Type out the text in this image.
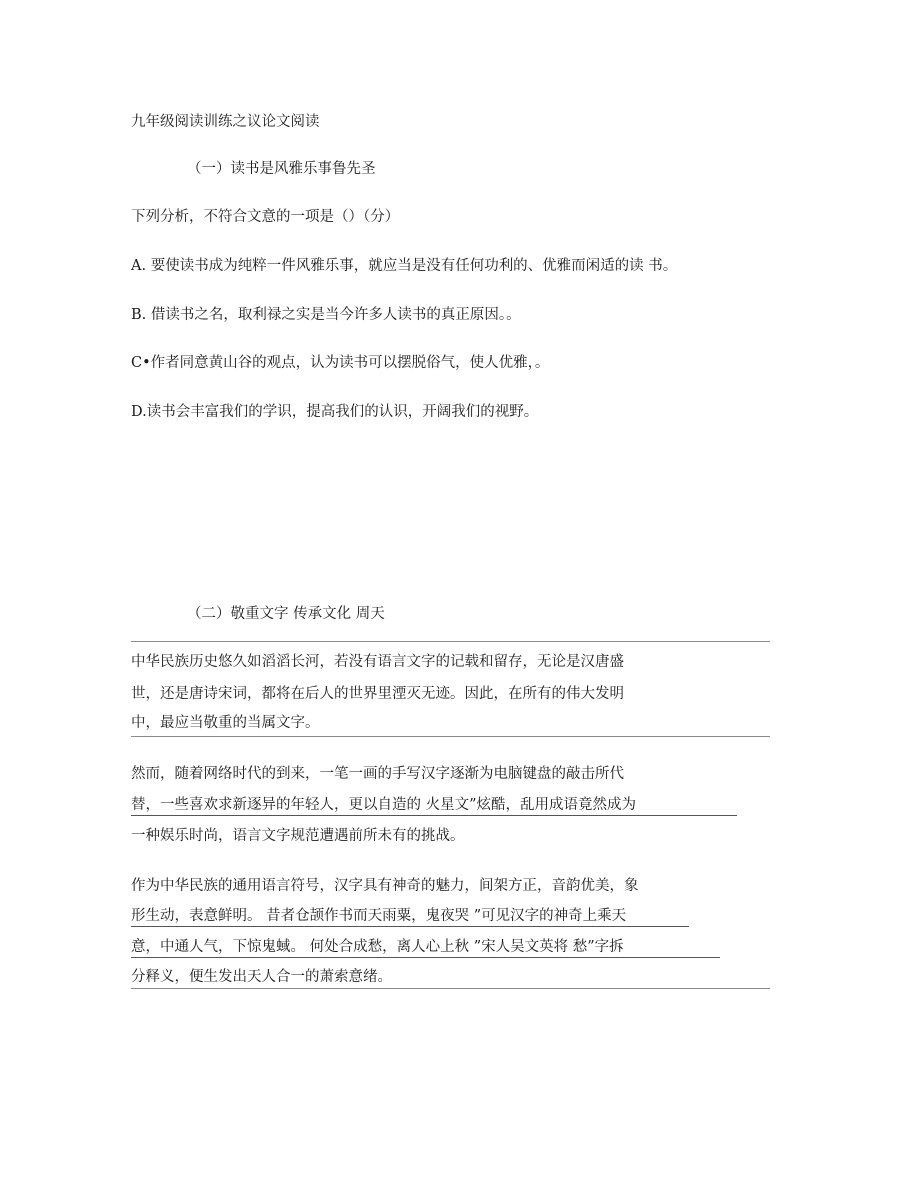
九年级阅读训练之议论文阅读
（一）读书是风雅乐事鲁先圣
下列分析，不符合文意的一项是（）（分）
A. 要使读书成为纯粹一件风雅乐事，就应当是没有任何功利的、优雅而闲适的读 书。
B. 借读书之名，取利禄之实是当今许多人读书的真正原因。。
C•作者同意黄山谷的观点，认为读书可以摆脱俗气，使人优雅，。
D.读书会丰富我们的学识，提高我们的认识，开阔我们的视野。
（二）敬重文字 传承文化 周天
中华民族历史悠久如滔滔长河，若没有语言文字的记载和留存，无论是汉唐盛
世，还是唐诗宋词，都将在后人的世界里湮灭无迹。因此，在所有的伟大发明
中，最应当敬重的当属文字。
然而，随着网络时代的到来，一笔一画的手写汉字逐渐为电脑键盘的敲击所代
替，一些喜欢求新逐异的年轻人，更以自造的 火星文”炫酷，乱用成语竟然成为
一种娱乐时尚，语言文字规范遭遇前所未有的挑战。
作为中华民族的通用语言符号，汉字具有神奇的魅力，间架方正，音韵优美，象
形生动，表意鲜明。 昔者仓颉作书而天雨粟，鬼夜哭 ”可见汉字的神奇上乘天
意，中通人气，下惊鬼蜮。 何处合成愁，离人心上秋 ”宋人吴文英将 愁”字拆
分释义，便生发出天人合一的萧索意绪。
